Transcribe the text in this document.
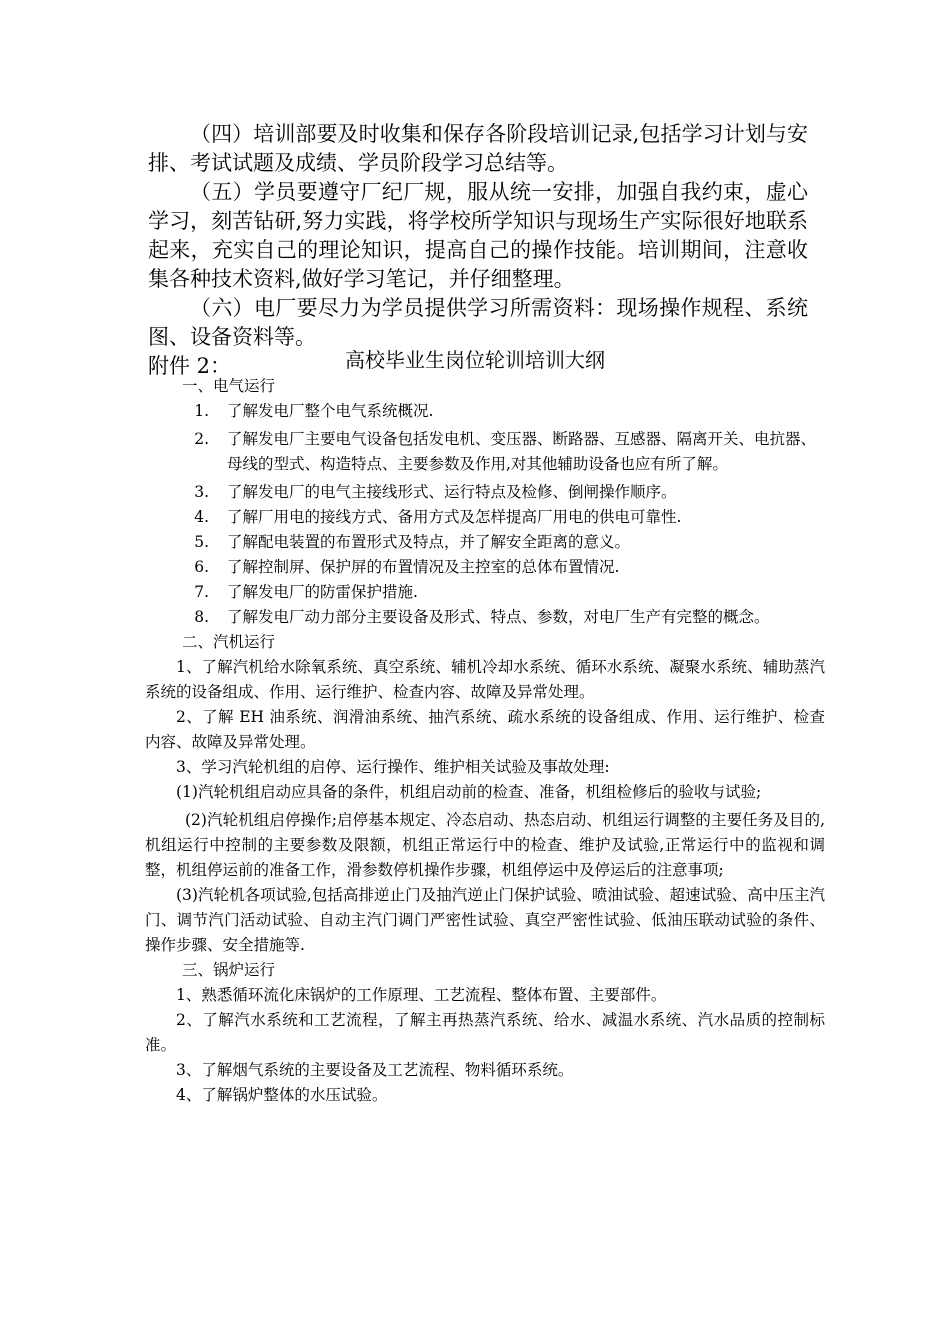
（四）培训部要及时收集和保存各阶段培训记录,包括学习计划与安排、考试试题及成绩、学员阶段学习总结等。

（五）学员要遵守厂纪厂规，服从统一安排，加强自我约束，虚心学习，刻苦钻研,努力实践，将学校所学知识与现场生产实际很好地联系起来，充实自己的理论知识，提高自己的操作技能。培训期间，注意收集各种技术资料,做好学习笔记，并仔细整理。

（六）电厂要尽力为学员提供学习所需资料：现场操作规程、系统图、设备资料等。

附件 2：	高校毕业生岗位轮训培训大纲

一、电气运行

1.	了解发电厂整个电气系统概况.
2.	了解发电厂主要电气设备包括发电机、变压器、断路器、互感器、隔离开关、电抗器、母线的型式、构造特点、主要参数及作用,对其他辅助设备也应有所了解。
3.	了解发电厂的电气主接线形式、运行特点及检修、倒闸操作顺序。
4.	了解厂用电的接线方式、备用方式及怎样提高厂用电的供电可靠性.
5.	了解配电装置的布置形式及特点，并了解安全距离的意义。
6.	了解控制屏、保护屏的布置情况及主控室的总体布置情况.
7.	了解发电厂的防雷保护措施.
8.	了解发电厂动力部分主要设备及形式、特点、参数，对电厂生产有完整的概念。

二、汽机运行

1、了解汽机给水除氧系统、真空系统、辅机冷却水系统、循环水系统、凝聚水系统、辅助蒸汽系统的设备组成、作用、运行维护、检查内容、故障及异常处理。

2、了解 EH 油系统、润滑油系统、抽汽系统、疏水系统的设备组成、作用、运行维护、检查内容、故障及异常处理。

3、学习汽轮机组的启停、运行操作、维护相关试验及事故处理:

(1)汽轮机组启动应具备的条件，机组启动前的检查、准备，机组检修后的验收与试验;

(2)汽轮机组启停操作;启停基本规定、冷态启动、热态启动、机组运行调整的主要任务及目的,机组运行中控制的主要参数及限额，机组正常运行中的检查、维护及试验,正常运行中的监视和调整，机组停运前的准备工作，滑参数停机操作步骤，机组停运中及停运后的注意事项;

(3)汽轮机各项试验,包括高排逆止门及抽汽逆止门保护试验、喷油试验、超速试验、高中压主汽门、调节汽门活动试验、自动主汽门调门严密性试验、真空严密性试验、低油压联动试验的条件、操作步骤、安全措施等.

三、锅炉运行

1、熟悉循环流化床锅炉的工作原理、工艺流程、整体布置、主要部件。

2、了解汽水系统和工艺流程，了解主再热蒸汽系统、给水、减温水系统、汽水品质的控制标准。

3、了解烟气系统的主要设备及工艺流程、物料循环系统。

4、了解锅炉整体的水压试验。
